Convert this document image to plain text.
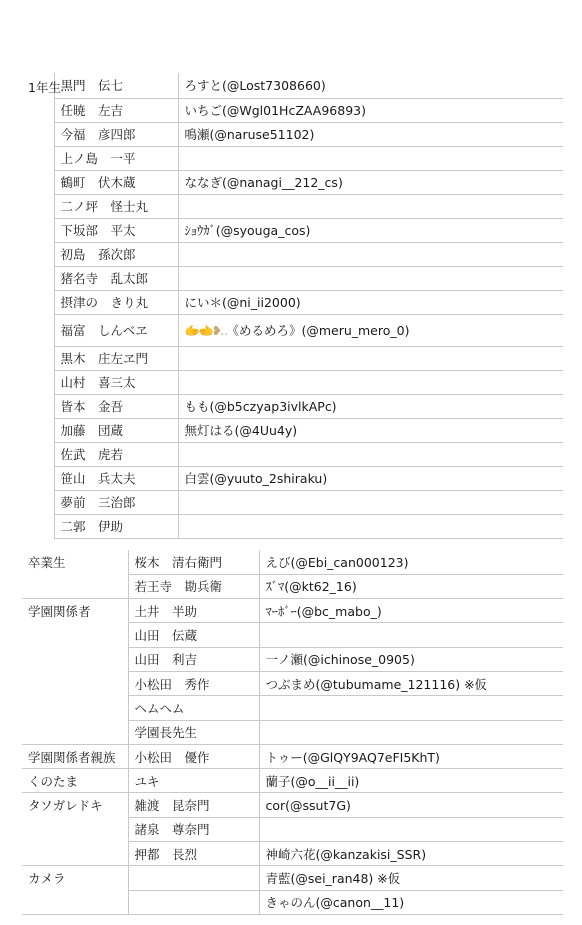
1年生	黒門　伝七	ろすと(@Lost7308660)
	任暁　左吉	いちご(@Wgl01HcZAA96893)
	今福　彦四郎	鳴瀬(@naruse51102)
	上ノ島　一平	
	鶴町　伏木蔵	ななぎ(@nanagi__212_cs)
	二ノ坪　怪士丸	
	下坂部　平太	ｼｮｳｶﾞ(@syouga_cos)
	初島　孫次郎	
	猪名寺　乱太郎	
	摂津の　きり丸	にい＊(@ni_ii2000)
	福富　しんベヱ	🫱🫲❥‥《めるめろ》(@meru_mero_0)
	黒木　庄左ヱ門	
	山村　喜三太	
	皆本　金吾	もも(@b5czyap3ivlkAPc)
	加藤　団蔵	無灯はる(@4Uu4y)
	佐武　虎若	
	笹山　兵太夫	白雲(@yuuto_2shiraku)
	夢前　三治郎	
	二郭　伊助	
卒業生	桜木　清右衛門	えび(@Ebi_can000123)
	若王寺　勘兵衛	ｽﾞﾏ(@kt62_16)
学園関係者	土井　半助	ﾏｰﾎﾞｰ(@bc_mabo_)
	山田　伝蔵	
	山田　利吉	一ノ瀬(@ichinose_0905)
	小松田　秀作	つぶまめ(@tubumame_121116) ※仮
	ヘムヘム	
	学園長先生	
学園関係者親族	小松田　優作	トゥー(@GlQY9AQ7eFI5KhT)
くのたま	ユキ	蘭子(@o__ii__ii)
タソガレドキ	雑渡　昆奈門	cor(@ssut7G)
	諸泉　尊奈門	
	押都　長烈	神崎六花(@kanzakisi_SSR)
カメラ		青藍(@sei_ran48) ※仮
		きゃのん(@canon__11)
